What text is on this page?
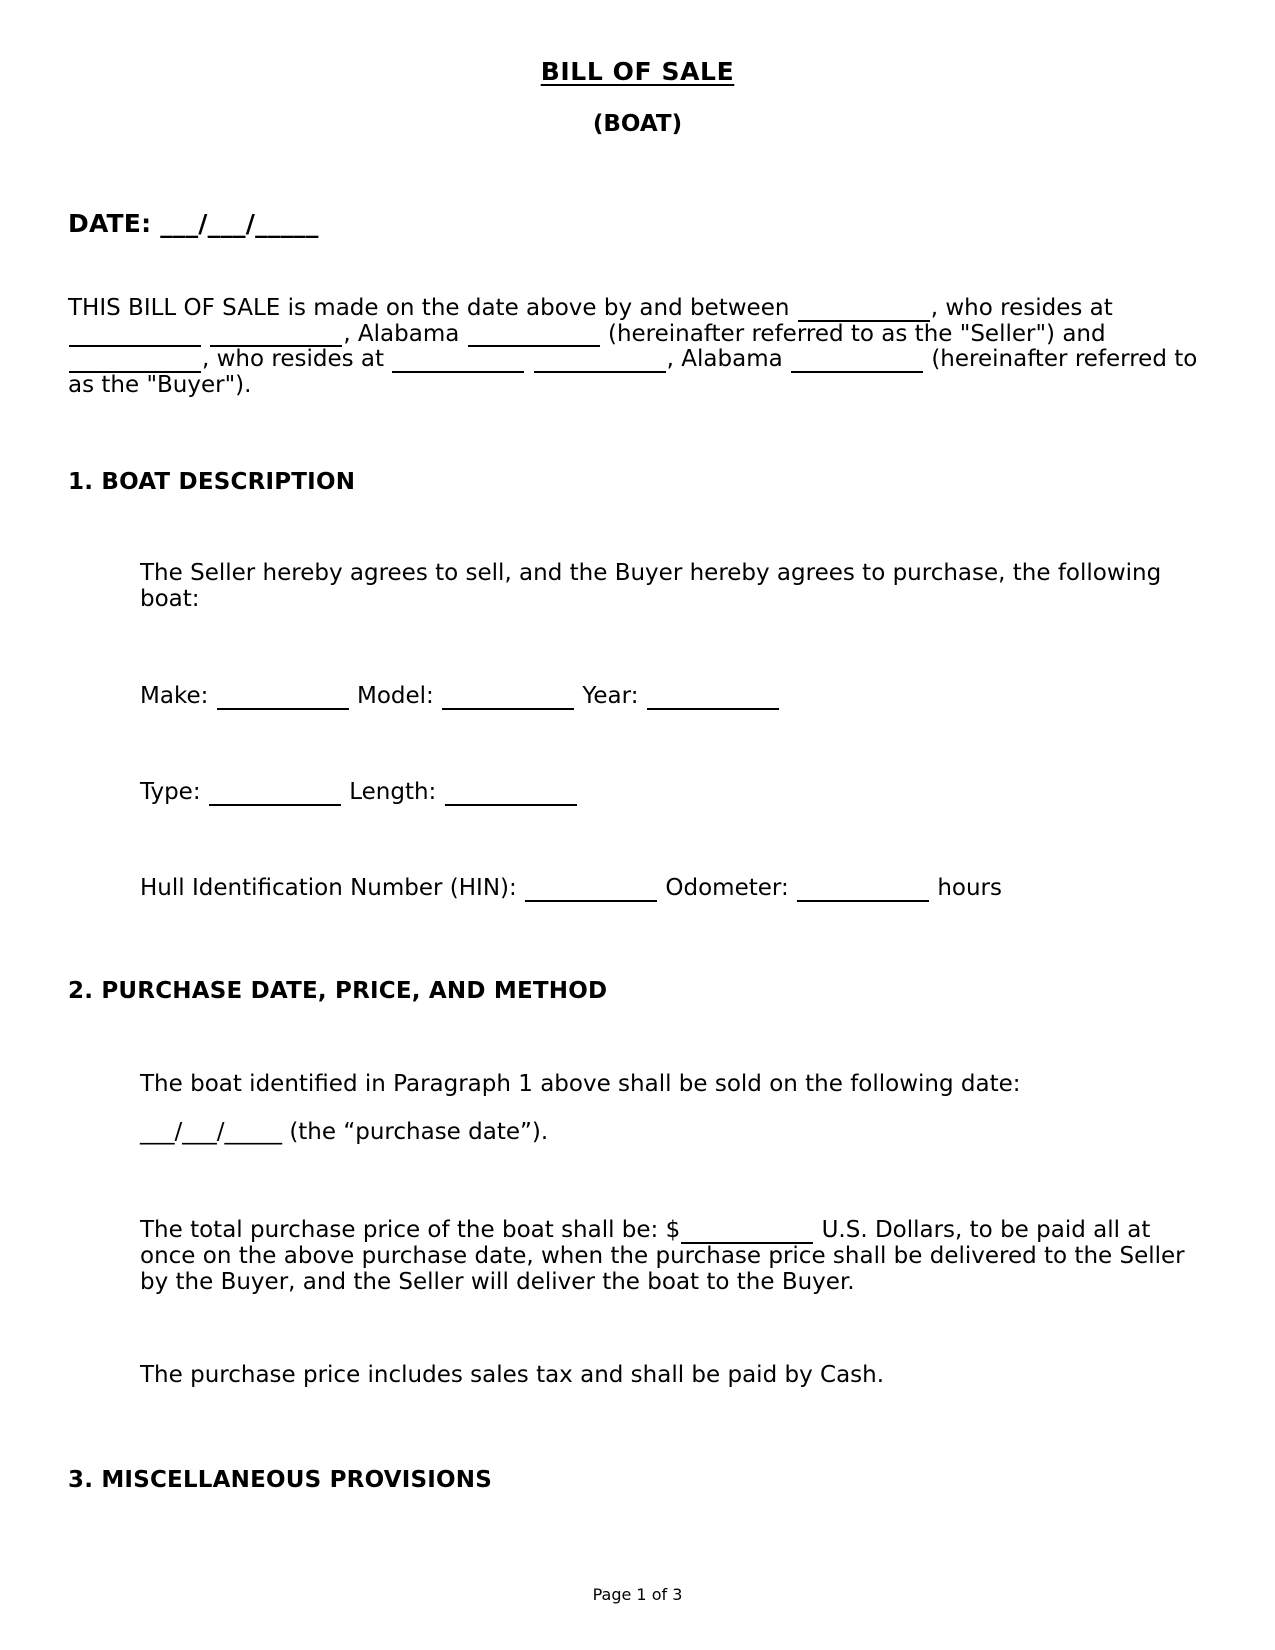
BILL OF SALE
(BOAT)
DATE: ___/___/_____
THIS BILL OF SALE is made on the date above by and between	, who resides at  , Alabama	(hereinafter referred to as the "Seller") and , who resides at	, Alabama	(hereinafter referred to as the "Buyer").
1. BOAT DESCRIPTION
The Seller hereby agrees to sell, and the Buyer hereby agrees to purchase, the following boat:
Make:	Model:	Year:
Type:	Length:
Hull Identification Number (HIN):	Odometer:	hours
2. PURCHASE DATE, PRICE, AND METHOD
The boat identified in Paragraph 1 above shall be sold on the following date:
___/___/_____ (the “purchase date”).
The total purchase price of the boat shall be: $	U.S. Dollars, to be paid all at once on the above purchase date, when the purchase price shall be delivered to the Seller by the Buyer, and the Seller will deliver the boat to the Buyer.
The purchase price includes sales tax and shall be paid by Cash.
3. MISCELLANEOUS PROVISIONS
Page 1 of 3
